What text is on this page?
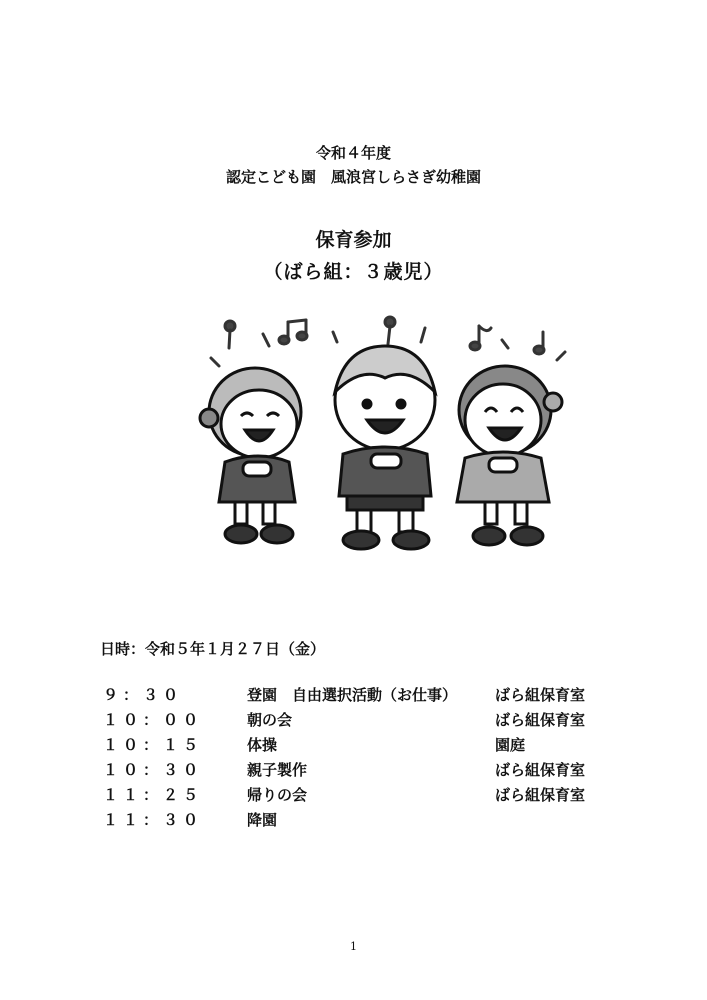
令和４年度
認定こども園　風浪宮しらさぎ幼稚園
保育参加
（ばら組：３歳児）
日時：令和５年１月２７日（金）
９：３０	登園　自由選択活動（お仕事）	ばら組保育室
１０：００	朝の会	ばら組保育室
１０：１５	体操	園庭
１０：３０	親子製作	ばら組保育室
１１：２５	帰りの会	ばら組保育室
１１：３０	降園
1
